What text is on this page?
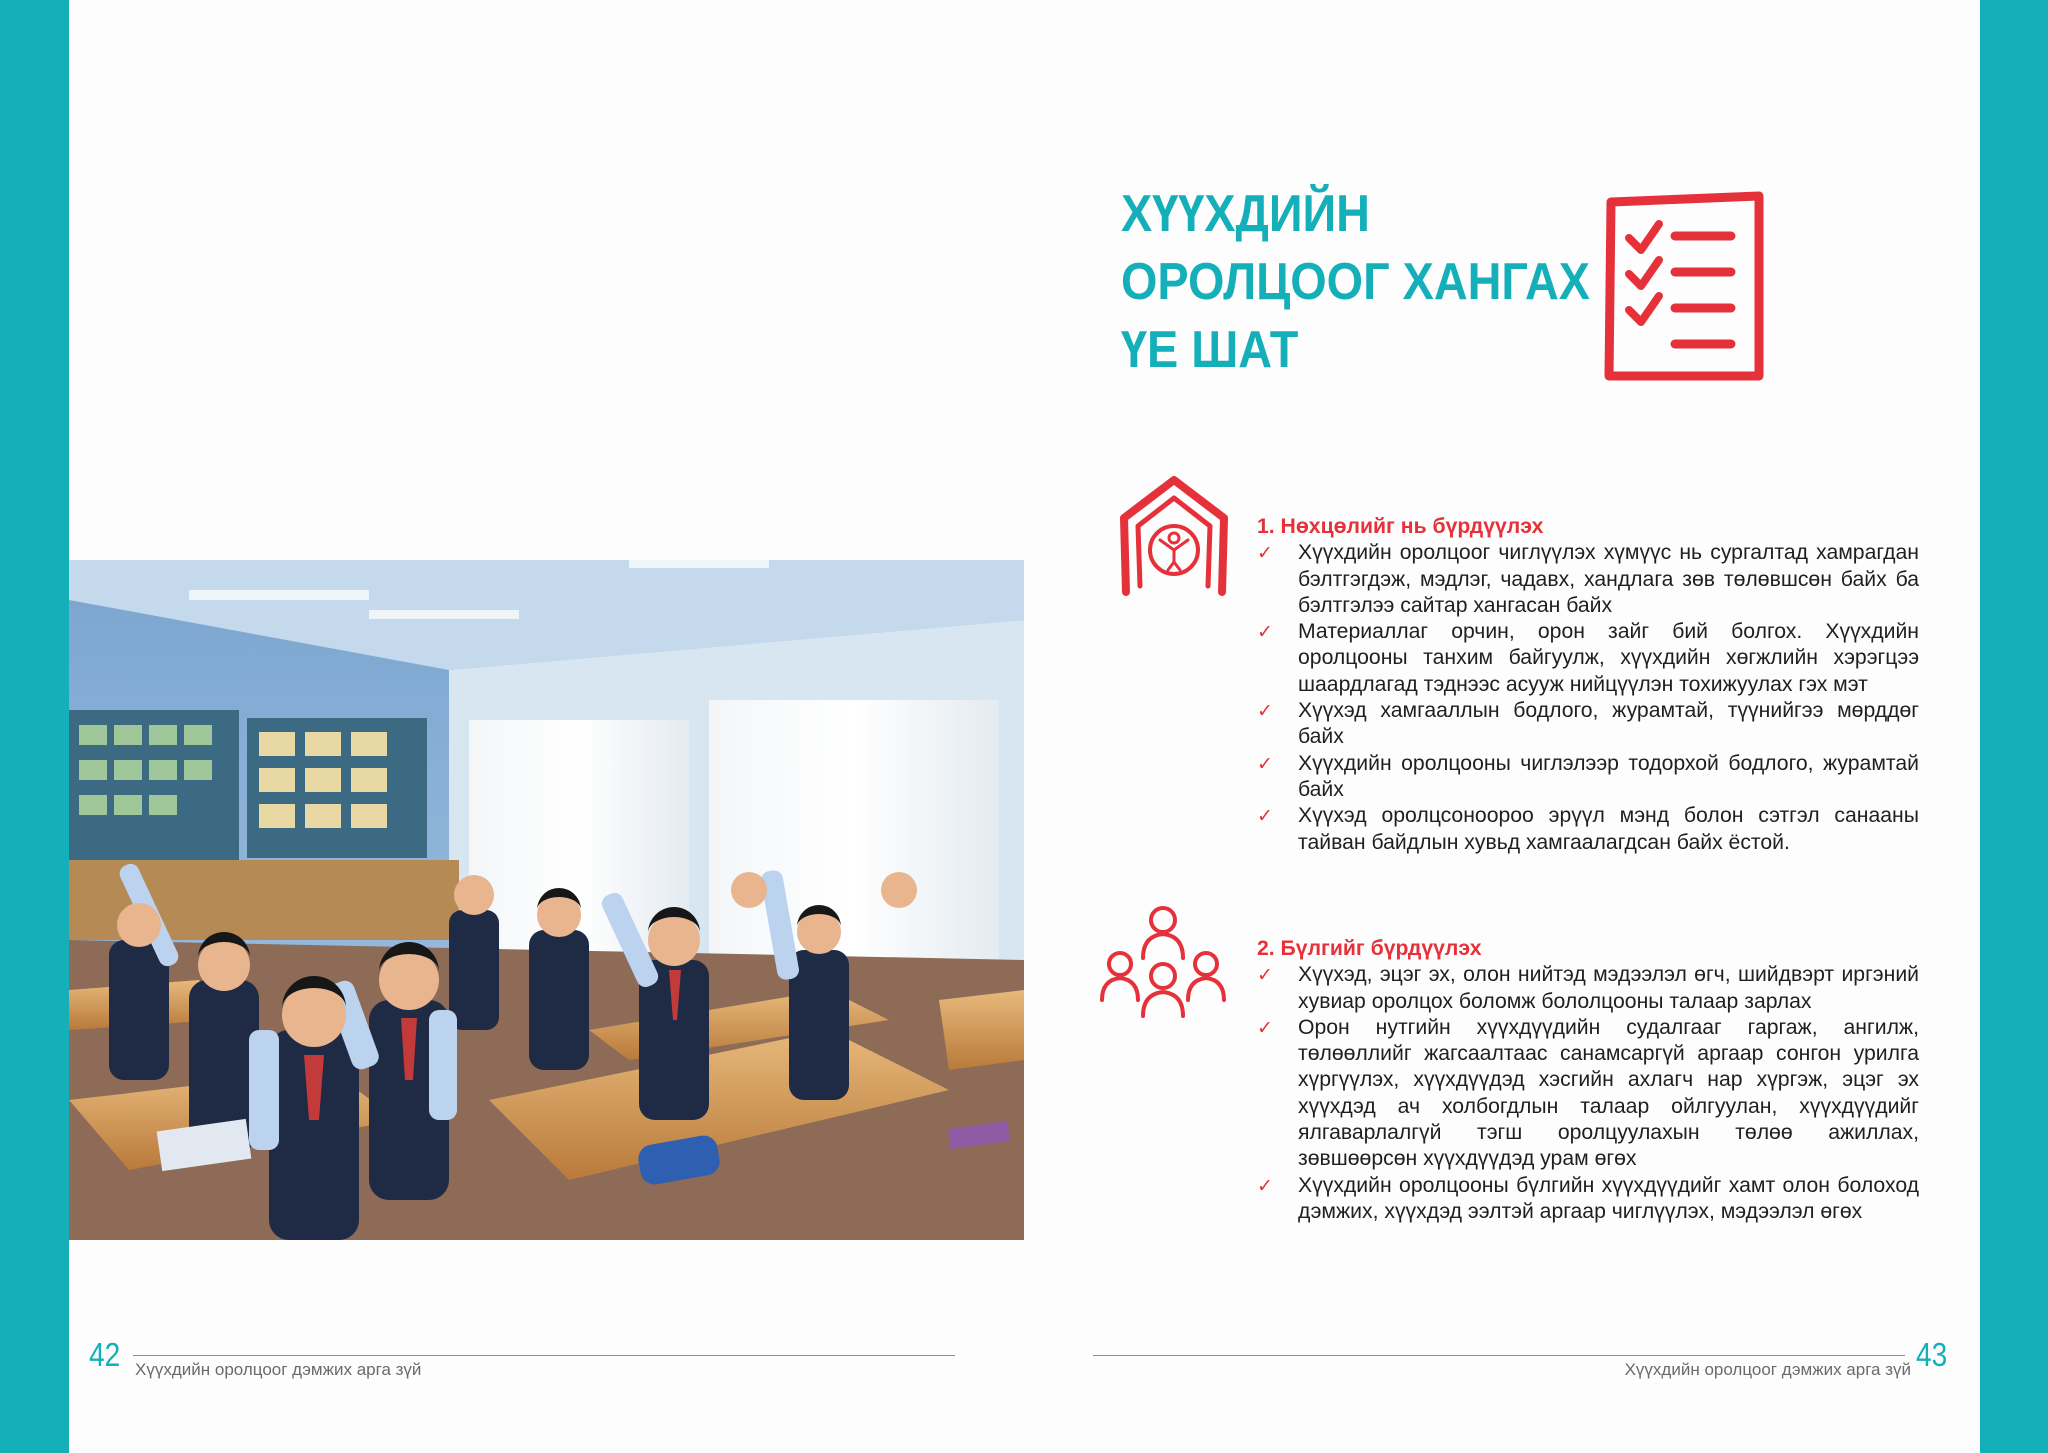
ХҮҮХДИЙН
ОРОЛЦООГ ХАНГАХ
ҮЕ ШАТ
1. Нөхцөлийг нь бүрдүүлэх
✓ Хүүхдийн оролцоог чиглүүлэх хүмүүс нь сургалтад хамрагдан бэлтгэгдэж, мэдлэг, чадавх, хандлага зөв төлөвшсөн байх ба бэлтгэлээ сайтар хангасан байх
✓ Материаллаг орчин, орон зайг бий болгох. Хүүхдийн оролцооны танхим байгуулж, хүүхдийн хөгжлийн хэрэгцээ шаардлагад тэднээс асууж нийцүүлэн тохижуулах гэх мэт
✓ Хүүхэд хамгааллын бодлого, журамтай, түүнийгээ мөрддөг байх
✓ Хүүхдийн оролцооны чиглэлээр тодорхой бодлого, журамтай байх
✓ Хүүхэд оролцсоноороо эрүүл мэнд болон сэтгэл санааны тайван байдлын хувьд хамгаалагдсан байх ёстой.
2. Бүлгийг бүрдүүлэх
✓ Хүүхэд, эцэг эх, олон нийтэд мэдээлэл өгч, шийдвэрт иргэний хувиар оролцох боломж бололцооны талаар зарлах
✓ Орон нутгийн хүүхдүүдийн судалгааг гаргаж, ангилж, төлөөллийг жагсаалтаас санамсаргүй аргаар сонгон урилга хүргүүлэх, хүүхдүүдэд хэсгийн ахлагч нар хүргэж, эцэг эх хүүхдэд ач холбогдлын талаар ойлгуулан, хүүхдүүдийг ялгаварлалгүй тэгш оролцуулахын төлөө ажиллах, зөвшөөрсөн хүүхдүүдэд урам өгөх
✓ Хүүхдийн оролцооны бүлгийн хүүхдүүдийг хамт олон болоход дэмжих, хүүхдэд ээлтэй аргаар чиглүүлэх, мэдээлэл өгөх
42	43
Хүүхдийн оролцоог дэмжих арга зүй	Хүүхдийн оролцоог дэмжих арга зүй
